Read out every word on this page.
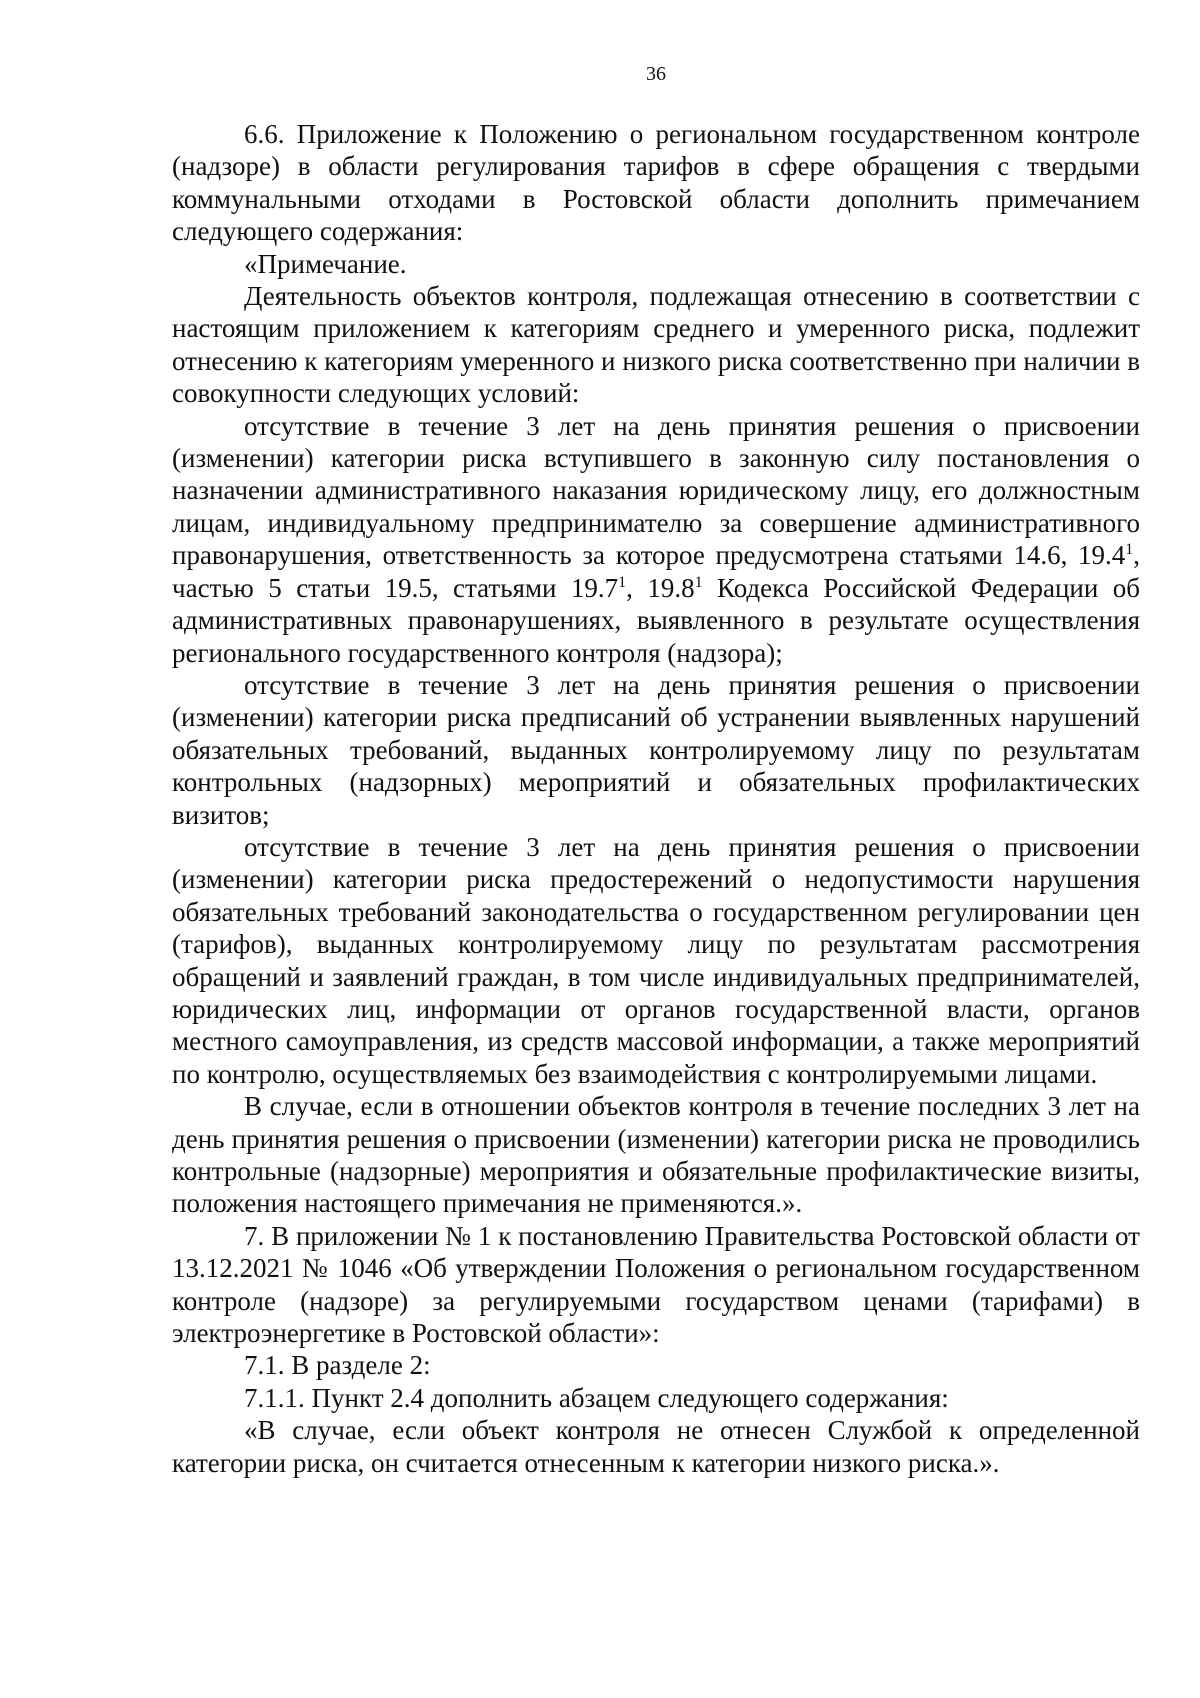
36

6.6. Приложение к Положению о региональном государственном контроле (надзоре) в области регулирования тарифов в сфере обращения с твердыми коммунальными отходами в Ростовской области дополнить примечанием следующего содержания:

«Примечание.

Деятельность объектов контроля, подлежащая отнесению в соответствии с настоящим приложением к категориям среднего и умеренного риска, подлежит отнесению к категориям умеренного и низкого риска соответственно при наличии в совокупности следующих условий:

отсутствие в течение 3 лет на день принятия решения о присвоении (изменении) категории риска вступившего в законную силу постановления о назначении административного наказания юридическому лицу, его должностным лицам, индивидуальному предпринимателю за совершение административного правонарушения, ответственность за которое предусмотрена статьями 14.6, 19.4$^1$, частью 5 статьи 19.5, статьями 19.7$^1$, 19.8$^1$ Кодекса Российской Федерации об административных правонарушениях, выявленного в результате осуществления регионального государственного контроля (надзора);

отсутствие в течение 3 лет на день принятия решения о присвоении (изменении) категории риска предписаний об устранении выявленных нарушений обязательных требований, выданных контролируемому лицу по результатам контрольных (надзорных) мероприятий и обязательных профилактических визитов;

отсутствие в течение 3 лет на день принятия решения о присвоении (изменении) категории риска предостережений о недопустимости нарушения обязательных требований законодательства о государственном регулировании цен (тарифов), выданных контролируемому лицу по результатам рассмотрения обращений и заявлений граждан, в том числе индивидуальных предпринимателей, юридических лиц, информации от органов государственной власти, органов местного самоуправления, из средств массовой информации, а также мероприятий по контролю, осуществляемых без взаимодействия с контролируемыми лицами.

В случае, если в отношении объектов контроля в течение последних 3 лет на день принятия решения о присвоении (изменении) категории риска не проводились контрольные (надзорные) мероприятия и обязательные профилактические визиты, положения настоящего примечания не применяются.».

7. В приложении № 1 к постановлению Правительства Ростовской области от 13.12.2021 № 1046 «Об утверждении Положения о региональном государственном контроле (надзоре) за регулируемыми государством ценами (тарифами) в электроэнергетике в Ростовской области»:

7.1. В разделе 2:

7.1.1. Пункт 2.4 дополнить абзацем следующего содержания:

«В случае, если объект контроля не отнесен Службой к определенной категории риска, он считается отнесенным к категории низкого риска.».
